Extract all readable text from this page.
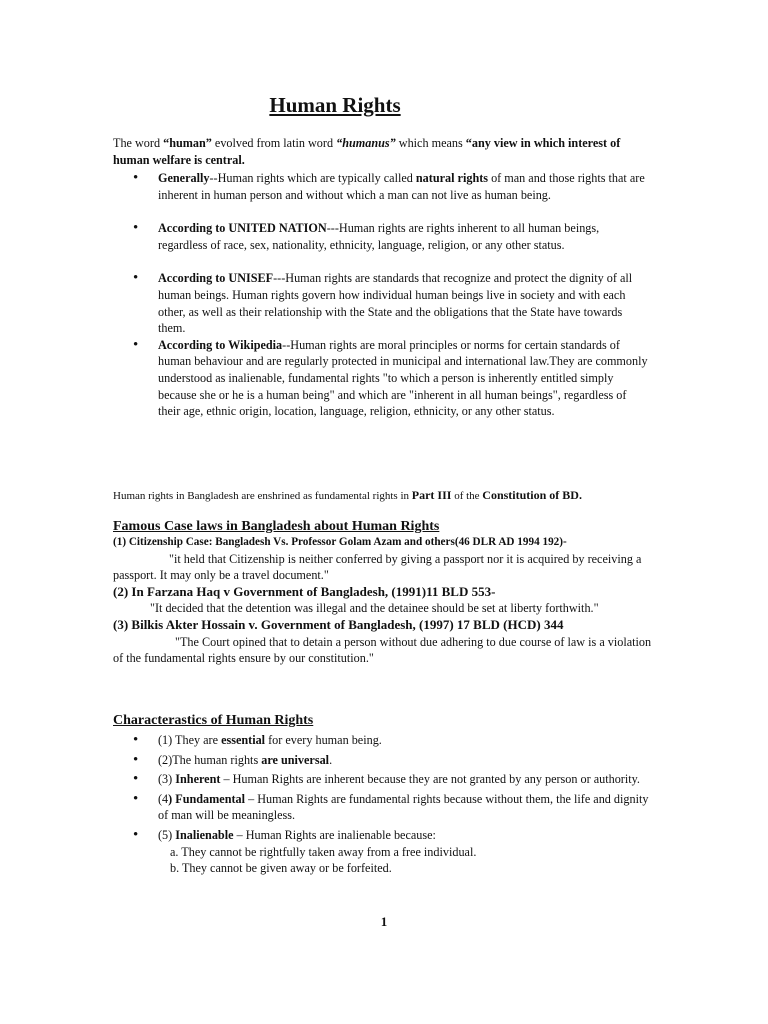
Human Rights
The word “human” evolved from latin word “humanus” which means “any view in which interest of human welfare is central.
• Generally--Human rights which are typically called natural rights of man and those rights that are inherent in human person and without which a man can not live as human being.
• According to UNITED NATION---Human rights are rights inherent to all human beings, regardless of race, sex, nationality, ethnicity, language, religion, or any other status.
• According to UNISEF---Human rights are standards that recognize and protect the dignity of all human beings. Human rights govern how individual human beings live in society and with each other, as well as their relationship with the State and the obligations that the State have towards them.
• According to Wikipedia--Human rights are moral principles or norms for certain standards of human behaviour and are regularly protected in municipal and international law.They are commonly understood as inalienable, fundamental rights "to which a person is inherently entitled simply because she or he is a human being" and which are "inherent in all human beings", regardless of their age, ethnic origin, location, language, religion, ethnicity, or any other status.
Human rights in Bangladesh are enshrined as fundamental rights in Part III of the Constitution of BD.
Famous Case laws in Bangladesh about Human Rights
(1) Citizenship Case: Bangladesh Vs. Professor Golam Azam and others(46 DLR AD 1994 192)-
"it held that Citizenship is neither conferred by giving a passport nor it is acquired by receiving a passport. It may only be a travel document."
(2) In Farzana Haq v Government of Bangladesh, (1991)11 BLD 553-
"It decided that the detention was illegal and the detainee should be set at liberty forthwith."
(3) Bilkis Akter Hossain v. Government of Bangladesh, (1997) 17 BLD (HCD) 344
"The Court opined that to detain a person without due adhering to due course of law is a violation of the fundamental rights ensure by our constitution."
Characterastics of Human Rights
• (1) They are essential for every human being.
• (2)The human rights are universal.
• (3) Inherent – Human Rights are inherent because they are not granted by any person or authority.
• (4) Fundamental – Human Rights are fundamental rights because without them, the life and dignity of man will be meaningless.
• (5) Inalienable – Human Rights are inalienable because:
a. They cannot be rightfully taken away from a free individual.
b. They cannot be given away or be forfeited.
1
